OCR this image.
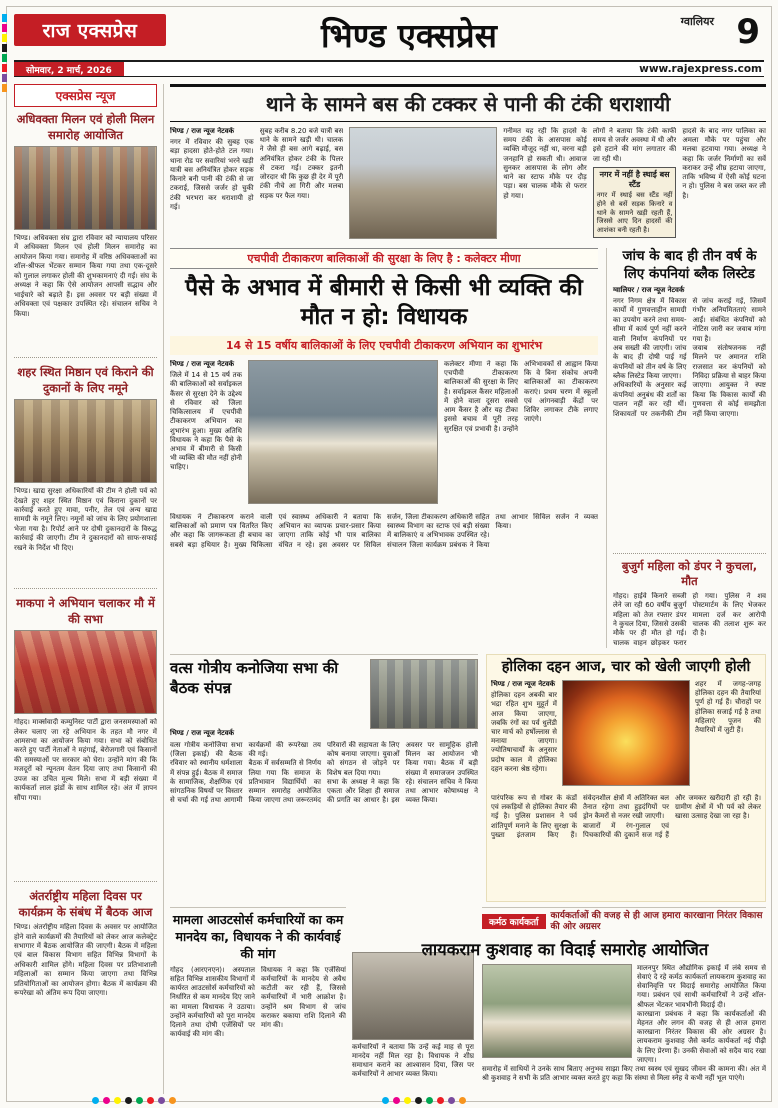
राज एक्सप्रेस	भिण्ड एक्सप्रेस	ग्वालियर 9
सोमवार, 2 मार्च, 2026	www.rajexpress.com
एक्सप्रेस न्यूज
अधिवक्ता मिलन एवं होली मिलन समारोह आयोजित

भिण्ड। अधिवक्ता संघ द्वारा रविवार को न्यायालय परिसर में अधिवक्ता मिलन एवं होली मिलन समारोह का आयोजन किया गया। समारोह में वरिष्ठ अधिवक्ताओं का शॉल-श्रीफल भेंटकर सम्मान किया गया तथा एक-दूसरे को गुलाल लगाकर होली की शुभकामनाएं दी गईं। संघ के अध्यक्ष ने कहा कि ऐसे आयोजन आपसी सद्भाव और भाईचारे को बढ़ाते हैं। इस अवसर पर बड़ी संख्या में अधिवक्ता एवं पक्षकार उपस्थित रहे। संचालन सचिव ने किया।

शहर स्थित मिष्ठान एवं किराने की दुकानों के लिए नमूने

भिण्ड। खाद्य सुरक्षा अधिकारियों की टीम ने होली पर्व को देखते हुए शहर स्थित मिष्ठान एवं किराना दुकानों पर कार्रवाई करते हुए मावा, पनीर, तेल एवं अन्य खाद्य सामग्री के नमूने लिए। नमूनों को जांच के लिए प्रयोगशाला भेजा गया है। रिपोर्ट आने पर दोषी दुकानदारों के विरुद्ध कार्रवाई की जाएगी। टीम ने दुकानदारों को साफ-सफाई रखने के निर्देश भी दिए।

माकपा ने अभियान चलाकर मौ में की सभा

गोहद। मार्क्सवादी कम्युनिस्ट पार्टी द्वारा जनसमस्याओं को लेकर चलाए जा रहे अभियान के तहत मौ नगर में आमसभा का आयोजन किया गया। सभा को संबोधित करते हुए पार्टी नेताओं ने महंगाई, बेरोजगारी एवं किसानों की समस्याओं पर सरकार को घेरा। उन्होंने मांग की कि मजदूरों को न्यूनतम वेतन दिया जाए तथा किसानों की उपज का उचित मूल्य मिले। सभा में बड़ी संख्या में कार्यकर्ता लाल झंडों के साथ शामिल रहे। अंत में ज्ञापन सौंपा गया।

अंतर्राष्ट्रीय महिला दिवस पर कार्यक्रम के संबंध में बैठक आज

भिण्ड। अंतर्राष्ट्रीय महिला दिवस के अवसर पर आयोजित होने वाले कार्यक्रमों की तैयारियों को लेकर आज कलेक्ट्रेट सभागार में बैठक आयोजित की जाएगी। बैठक में महिला एवं बाल विकास विभाग सहित विभिन्न विभागों के अधिकारी शामिल होंगे। महिला दिवस पर प्रतिभाशाली महिलाओं का सम्मान किया जाएगा तथा विभिन्न प्रतियोगिताओं का आयोजन होगा। बैठक में कार्यक्रम की रूपरेखा को अंतिम रूप दिया जाएगा।

थाने के सामने बस की टक्कर से पानी की टंकी धराशायी
भिण्ड / राज न्यूज नेटवर्क
नगर में रविवार की सुबह एक बड़ा हादसा होते-होते टल गया। थाना रोड पर सवारियां भरने खड़ी यात्री बस अनियंत्रित होकर सड़क किनारे बनी पानी की टंकी से जा टकराई, जिससे जर्जर हो चुकी टंकी भरभरा कर धराशायी हो गई।
सुबह करीब 8.20 बजे यात्री बस थाने के सामने खड़ी थी। चालक ने जैसे ही बस आगे बढ़ाई, बस अनियंत्रित होकर टंकी के पिलर से टकरा गई। टक्कर इतनी जोरदार थी कि कुछ ही देर में पूरी टंकी नीचे आ गिरी और मलबा सड़क पर फैल गया।
गनीमत यह रही कि हादसे के समय टंकी के आसपास कोई व्यक्ति मौजूद नहीं था, वरना बड़ी जनहानि हो सकती थी। आवाज सुनकर आसपास के लोग और थाने का स्टाफ मौके पर दौड़ पड़ा। बस चालक मौके से फरार हो गया।
लोगों ने बताया कि टंकी काफी समय से जर्जर अवस्था में थी और इसे हटाने की मांग लगातार की जा रही थी।
नगर में नहीं है स्थाई बस स्टैंड
नगर में स्थाई बस स्टैंड नहीं होने से बसें सड़क किनारे व थाने के सामने खड़ी रहती हैं, जिससे आए दिन हादसों की आशंका बनी रहती है।
हादसे के बाद नगर पालिका का अमला मौके पर पहुंचा और मलबा हटवाया गया। अध्यक्ष ने कहा कि जर्जर निर्माणों का सर्वे कराकर उन्हें शीघ्र हटाया जाएगा, ताकि भविष्य में ऐसी कोई घटना न हो। पुलिस ने बस जब्त कर ली है।
एचपीवी टीकाकरण बालिकाओं की सुरक्षा के लिए है : कलेक्टर मीणा
पैसे के अभाव में बीमारी से किसी भी व्यक्ति की मौत न हो: विधायक
14 से 15 वर्षीय बालिकाओं के लिए एचपीवी टीकाकरण अभियान का शुभारंभ
भिण्ड / राज न्यूज नेटवर्क
जिले में 14 से 15 वर्ष तक की बालिकाओं को सर्वाइकल कैंसर से सुरक्षा देने के उद्देश्य से रविवार को जिला चिकित्सालय में एचपीवी टीकाकरण अभियान का शुभारंभ हुआ। मुख्य अतिथि विधायक ने कहा कि पैसे के अभाव में बीमारी से किसी भी व्यक्ति की मौत नहीं होनी चाहिए।
कलेक्टर मीणा ने कहा कि एचपीवी टीकाकरण बालिकाओं की सुरक्षा के लिए है। सर्वाइकल कैंसर महिलाओं में होने वाला दूसरा सबसे आम कैंसर है और यह टीका इससे बचाव में पूरी तरह सुरक्षित एवं प्रभावी है। उन्होंने अभिभावकों से आह्वान किया कि वे बिना संकोच अपनी बालिकाओं का टीकाकरण कराएं। प्रथम चरण में स्कूलों एवं आंगनबाड़ी केंद्रों पर शिविर लगाकर टीके लगाए जाएंगे।
विधायक ने टीकाकरण कराने वाली बालिकाओं को प्रमाण पत्र वितरित किए और कहा कि जागरूकता ही बचाव का सबसे बड़ा हथियार है। मुख्य चिकित्सा एवं स्वास्थ्य अधिकारी ने बताया कि अभियान का व्यापक प्रचार-प्रसार किया जाएगा ताकि कोई भी पात्र बालिका वंचित न रहे। इस अवसर पर सिविल सर्जन, जिला टीकाकरण अधिकारी सहित स्वास्थ्य विभाग का स्टाफ एवं बड़ी संख्या में बालिकाएं व अभिभावक उपस्थित रहे। संचालन जिला कार्यक्रम प्रबंधक ने किया तथा आभार सिविल सर्जन ने व्यक्त किया।
जांच के बाद ही तीन वर्ष के लिए कंपनियां ब्लैक लिस्टेड
ग्वालियर / राज न्यूज नेटवर्क

नगर निगम क्षेत्र में विकास कार्यों में गुणवत्ताहीन सामग्री का उपयोग करने तथा समय-सीमा में कार्य पूर्ण नहीं करने वाली निर्माण कंपनियों पर अब सख्ती की जाएगी। जांच के बाद ही दोषी पाई गई कंपनियों को तीन वर्ष के लिए ब्लैक लिस्टेड किया जाएगा।

अधिकारियों के अनुसार कई कंपनियां अनुबंध की शर्तों का पालन नहीं कर रही थीं। शिकायतों पर तकनीकी टीम से जांच कराई गई, जिसमें गंभीर अनियमितताएं सामने आईं। संबंधित कंपनियों को नोटिस जारी कर जवाब मांगा गया है।

जवाब संतोषजनक नहीं मिलने पर अमानत राशि राजसात कर कंपनियों को निविदा प्रक्रिया से बाहर किया जाएगा। आयुक्त ने स्पष्ट किया कि विकास कार्यों की गुणवत्ता से कोई समझौता नहीं किया जाएगा।

बुजुर्ग महिला को डंपर ने कुचला, मौत

गोहद। हाईवे किनारे सब्जी लेने जा रही 60 वर्षीय बुजुर्ग महिला को तेज रफ्तार डंपर ने कुचल दिया, जिससे उसकी मौके पर ही मौत हो गई। चालक वाहन छोड़कर फरार हो गया। पुलिस ने शव पोस्टमार्टम के लिए भेजकर मामला दर्ज कर आरोपी चालक की तलाश शुरू कर दी है।

वत्स गोत्रीय कनोजिया सभा की बैठक संपन्न
भिण्ड / राज न्यूज नेटवर्क

वत्स गोत्रीय कनोजिया सभा (जिला इकाई) की बैठक रविवार को स्थानीय धर्मशाला में संपन्न हुई। बैठक में समाज के सामाजिक, शैक्षणिक एवं सांगठनिक विषयों पर विस्तार से चर्चा की गई तथा आगामी कार्यक्रमों की रूपरेखा तय की गई।

बैठक में सर्वसम्मति से निर्णय लिया गया कि समाज के प्रतिभावान विद्यार्थियों का सम्मान समारोह आयोजित किया जाएगा तथा जरूरतमंद परिवारों की सहायता के लिए कोष बनाया जाएगा। युवाओं को संगठन से जोड़ने पर विशेष बल दिया गया।

सभा के अध्यक्ष ने कहा कि एकता और शिक्षा ही समाज की प्रगति का आधार है। इस अवसर पर सामूहिक होली मिलन का आयोजन भी किया गया। बैठक में बड़ी संख्या में समाजजन उपस्थित रहे। संचालन सचिव ने किया तथा आभार कोषाध्यक्ष ने व्यक्त किया।

होलिका दहन आज, चार को खेली जाएगी होली
भिण्ड / राज न्यूज नेटवर्क
होलिका दहन अबकी बार भद्रा रहित शुभ मुहूर्त में आज किया जाएगा, जबकि रंगों का पर्व धुलेंडी चार मार्च को हर्षोल्लास से मनाया जाएगा। ज्योतिषाचार्यों के अनुसार प्रदोष काल में होलिका दहन करना श्रेष्ठ रहेगा।
शहर में जगह-जगह होलिका दहन की तैयारियां पूर्ण हो गई हैं। चौराहों पर होलिका सजाई गई है तथा महिलाएं पूजन की तैयारियों में जुटी हैं।

पारंपरिक रूप से गोबर के कंडों एवं लकड़ियों से होलिका तैयार की गई है। पुलिस प्रशासन ने पर्व शांतिपूर्ण मनाने के लिए सुरक्षा के पुख्ता इंतजाम किए हैं। संवेदनशील क्षेत्रों में अतिरिक्त बल तैनात रहेगा तथा हुड़दंगियों पर ड्रोन कैमरों से नजर रखी जाएगी।

बाजारों में रंग-गुलाल एवं पिचकारियों की दुकानें सज गई हैं और जमकर खरीदारी हो रही है। ग्रामीण क्षेत्रों में भी पर्व को लेकर खासा उत्साह देखा जा रहा है।

मामला आउटसोर्स कर्मचारियों का कम मानदेय का, विधायक ने की कार्यवाई की मांग

गोहद (आरएनएन)। अस्पताल सहित विभिन्न शासकीय विभागों में कार्यरत आउटसोर्स कर्मचारियों को निर्धारित से कम मानदेय दिए जाने का मामला विधायक ने उठाया। उन्होंने कर्मचारियों को पूरा मानदेय दिलाने तथा दोषी एजेंसियों पर कार्यवाई की मांग की।

विधायक ने कहा कि एजेंसियां कर्मचारियों के मानदेय से अवैध कटौती कर रही हैं, जिससे कर्मचारियों में भारी आक्रोश है। उन्होंने श्रम विभाग से जांच कराकर बकाया राशि दिलाने की मांग की।

कर्मचारियों ने बताया कि उन्हें कई माह से पूरा मानदेय नहीं मिल रहा है। विधायक ने शीघ्र समाधान कराने का आश्वासन दिया, जिस पर कर्मचारियों ने आभार व्यक्त किया।

कर्मठ कार्यकर्ता
कार्यकर्ताओं की वजह से ही आज हमारा कारखाना निरंतर विकास की ओर अग्रसर
लायकराम कुशवाह का विदाई समारोह आयोजित

मालनपुर स्थित औद्योगिक इकाई में लंबे समय से सेवाएं दे रहे कर्मठ कार्यकर्ता लायकराम कुशवाह का सेवानिवृत्ति पर विदाई समारोह आयोजित किया गया। प्रबंधन एवं साथी कर्मचारियों ने उन्हें शॉल-श्रीफल भेंटकर भावभीनी विदाई दी।

कारखाना प्रबंधक ने कहा कि कार्यकर्ताओं की मेहनत और लगन की वजह से ही आज हमारा कारखाना निरंतर विकास की ओर अग्रसर है। लायकराम कुशवाह जैसे कर्मठ कार्यकर्ता नई पीढ़ी के लिए प्रेरणा हैं। उनकी सेवाओं को सदैव याद रखा जाएगा।

समारोह में साथियों ने उनके साथ बिताए अनुभव साझा किए तथा स्वस्थ एवं सुखद जीवन की कामना की। अंत में श्री कुशवाह ने सभी के प्रति आभार व्यक्त करते हुए कहा कि संस्था से मिला स्नेह वे कभी नहीं भूल पाएंगे।
